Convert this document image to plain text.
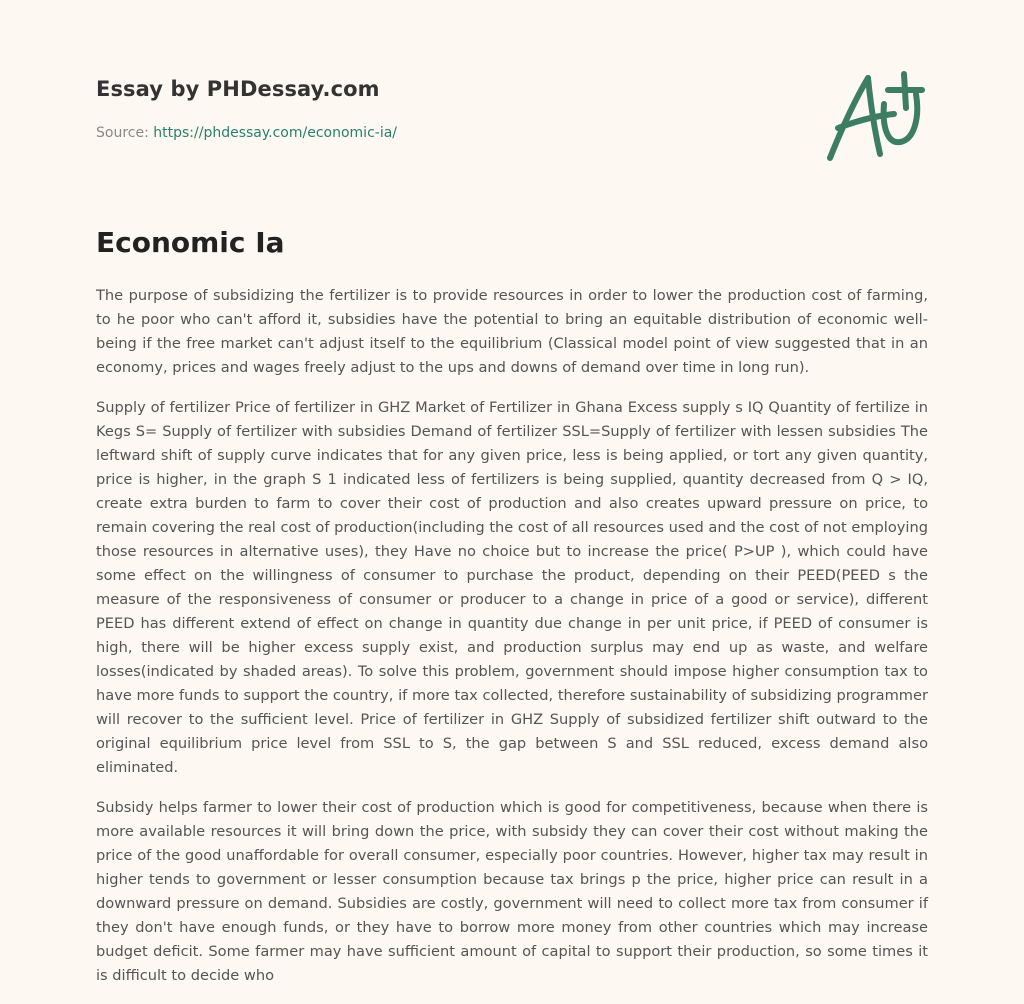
Essay by PHDessay.com
Source: https://phdessay.com/economic-ia/
Economic Ia

The purpose of subsidizing the fertilizer is to provide resources in order to lower the production cost of farming, to he poor who can't afford it, subsidies have the potential to bring an equitable distribution of economic well-being if the free market can't adjust itself to the equilibrium (Classical model point of view suggested that in an economy, prices and wages freely adjust to the ups and downs of demand over time in long run).

Supply of fertilizer Price of fertilizer in GHZ Market of Fertilizer in Ghana Excess supply s IQ Quantity of fertilize in Kegs S= Supply of fertilizer with subsidies Demand of fertilizer SSL=Supply of fertilizer with lessen subsidies The leftward shift of supply curve indicates that for any given price, less is being applied, or tort any given quantity, price is higher, in the graph S 1 indicated less of fertilizers is being supplied, quantity decreased from Q > IQ, create extra burden to farm to cover their cost of production and also creates upward pressure on price, to remain covering the real cost of production(including the cost of all resources used and the cost of not employing those resources in alternative uses), they Have no choice but to increase the price( P>UP ), which could have some effect on the willingness of consumer to purchase the product, depending on their PEED(PEED s the measure of the responsiveness of consumer or producer to a change in price of a good or service), different PEED has different extend of effect on change in quantity due change in per unit price, if PEED of consumer is high, there will be higher excess supply exist, and production surplus may end up as waste, and welfare losses(indicated by shaded areas). To solve this problem, government should impose higher consumption tax to have more funds to support the country, if more tax collected, therefore sustainability of subsidizing programmer will recover to the sufficient level. Price of fertilizer in GHZ Supply of subsidized fertilizer shift outward to the original equilibrium price level from SSL to S, the gap between S and SSL reduced, excess demand also eliminated.

Subsidy helps farmer to lower their cost of production which is good for competitiveness, because when there is more available resources it will bring down the price, with subsidy they can cover their cost without making the price of the good unaffordable for overall consumer, especially poor countries. However, higher tax may result in higher tends to government or lesser consumption because tax brings p the price, higher price can result in a downward pressure on demand. Subsidies are costly, government will need to collect more tax from consumer if they don't have enough funds, or they have to borrow more money from other countries which may increase budget deficit. Some farmer may have sufficient amount of capital to support their production, so some times it is difficult to decide who
